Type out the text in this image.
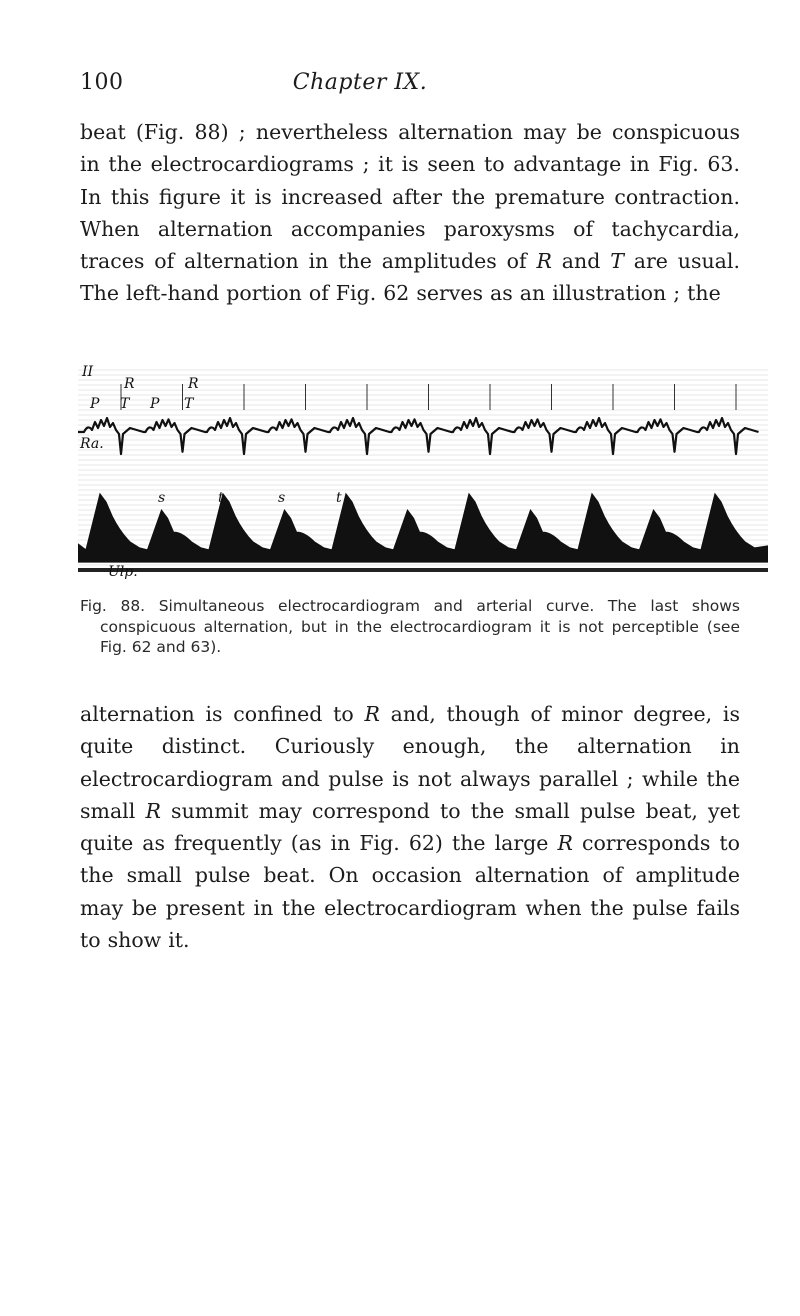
100	Chapter IX.

beat (Fig. 88) ; nevertheless alternation may be conspicuous in the electrocardiograms ; it is seen to advantage in Fig. 63. In this figure it is increased after the premature contraction. When alternation accompanies paroxysms of tachycardia, traces of alternation in the amplitudes of R and T are usual. The left-hand portion of Fig. 62 serves as an illustration ; the

II
Ra.
Ulp.
P
R
T P
R
T
s	t	s	t

Fig. 88. Simultaneous electrocardiogram and arterial curve. The last shows conspicuous alternation, but in the electrocardiogram it is not perceptible (see Fig. 62 and 63).

alternation is confined to R and, though of minor degree, is quite distinct. Curiously enough, the alternation in electrocardiogram and pulse is not always parallel ; while the small R summit may correspond to the small pulse beat, yet quite as frequently (as in Fig. 62) the large R corresponds to the small pulse beat. On occasion alternation of amplitude may be present in the electrocardiogram when the pulse fails to show it.
